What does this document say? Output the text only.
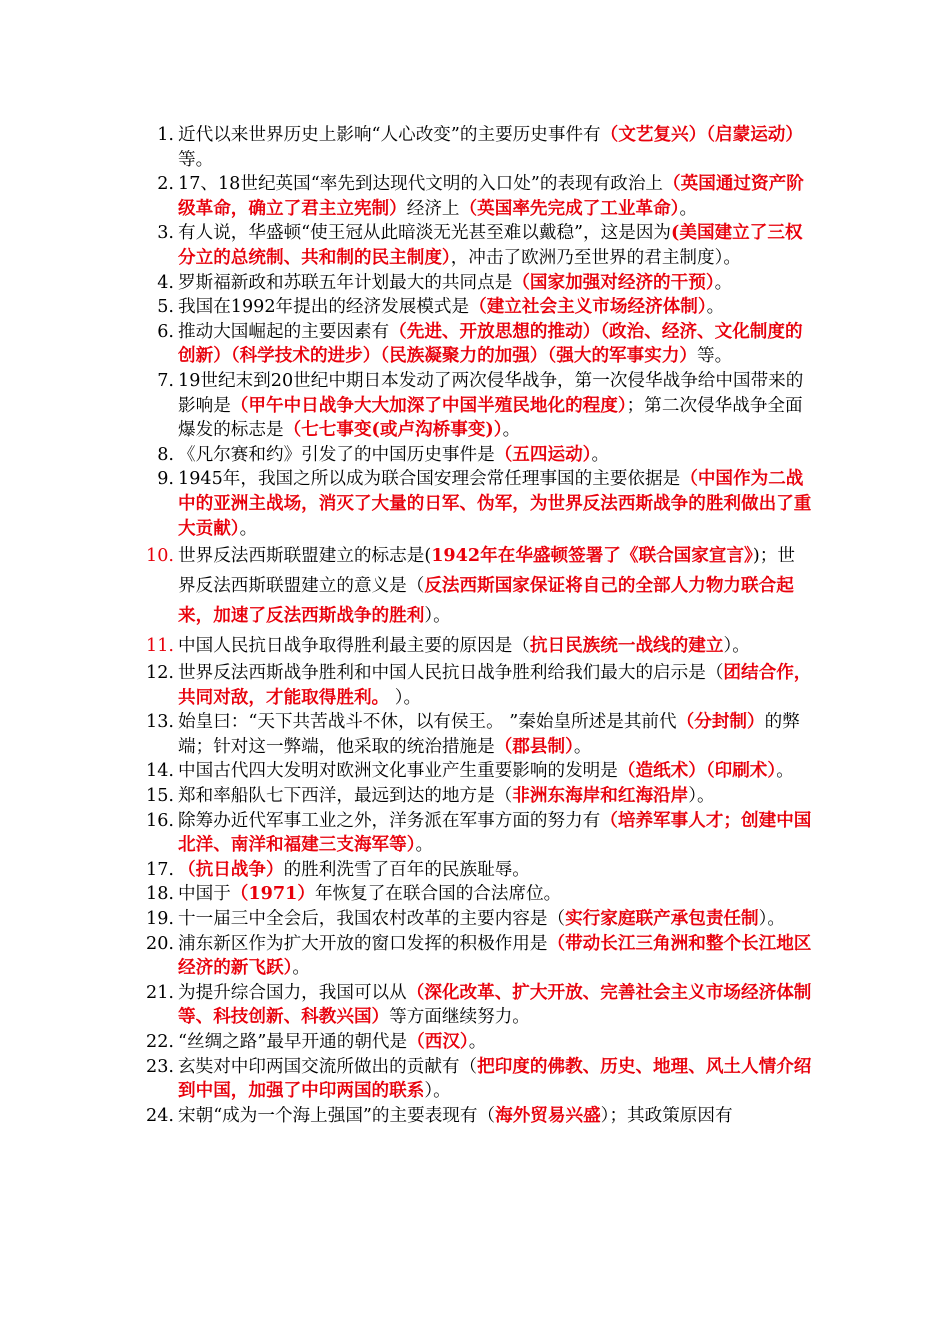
1. 近代以来世界历史上影响“人心改变”的主要历史事件有（文艺复兴）（启蒙运动）等。
2. 17、18世纪英国“率先到达现代文明的入口处”的表现有政治上（英国通过资产阶级革命，确立了君主立宪制）经济上（英国率先完成了工业革命）。
3. 有人说，华盛顿“使王冠从此暗淡无光甚至难以戴稳”，这是因为(美国建立了三权分立的总统制、共和制的民主制度），冲击了欧洲乃至世界的君主制度）。
4. 罗斯福新政和苏联五年计划最大的共同点是（国家加强对经济的干预）。
5. 我国在1992年提出的经济发展模式是（建立社会主义市场经济体制）。
6. 推动大国崛起的主要因素有（先进、开放思想的推动）（政治、经济、文化制度的创新）（科学技术的进步）（民族凝聚力的加强）（强大的军事实力）等。
7. 19世纪末到20世纪中期日本发动了两次侵华战争，第一次侵华战争给中国带来的影响是（甲午中日战争大大加深了中国半殖民地化的程度）；第二次侵华战争全面爆发的标志是（七七事变(或卢沟桥事变)）。
8. 《凡尔赛和约》引发了的中国历史事件是（五四运动）。
9. 1945年，我国之所以成为联合国安理会常任理事国的主要依据是（中国作为二战中的亚洲主战场，消灭了大量的日军、伪军，为世界反法西斯战争的胜利做出了重大贡献）。
10. 世界反法西斯联盟建立的标志是(1942年在华盛顿签署了《联合国家宣言》)；世界反法西斯联盟建立的意义是（反法西斯国家保证将自己的全部人力物力联合起来，加速了反法西斯战争的胜利）。
11. 中国人民抗日战争取得胜利最主要的原因是（抗日民族统一战线的建立）。
12. 世界反法西斯战争胜利和中国人民抗日战争胜利给我们最大的启示是（团结合作，共同对敌，才能取得胜利。 ）。
13. 始皇曰：“天下共苦战斗不休，以有侯王。 ”秦始皇所述是其前代（分封制）的弊端；针对这一弊端，他采取的统治措施是（郡县制）。
14. 中国古代四大发明对欧洲文化事业产生重要影响的发明是（造纸术）（印刷术）。
15. 郑和率船队七下西洋，最远到达的地方是（非洲东海岸和红海沿岸）。
16. 除筹办近代军事工业之外，洋务派在军事方面的努力有（培养军事人才；创建中国北洋、南洋和福建三支海军等）。
17. （抗日战争）的胜利洗雪了百年的民族耻辱。
18. 中国于（1971）年恢复了在联合国的合法席位。
19. 十一届三中全会后，我国农村改革的主要内容是（实行家庭联产承包责任制）。
20. 浦东新区作为扩大开放的窗口发挥的积极作用是（带动长江三角洲和整个长江地区经济的新飞跃）。
21. 为提升综合国力，我国可以从（深化改革、扩大开放、完善社会主义市场经济体制等、科技创新、科教兴国）等方面继续努力。
22. “丝绸之路”最早开通的朝代是（西汉）。
23. 玄奘对中印两国交流所做出的贡献有（把印度的佛教、历史、地理、风土人情介绍到中国，加强了中印两国的联系）。
24. 宋朝“成为一个海上强国”的主要表现有（海外贸易兴盛）；其政策原因有
